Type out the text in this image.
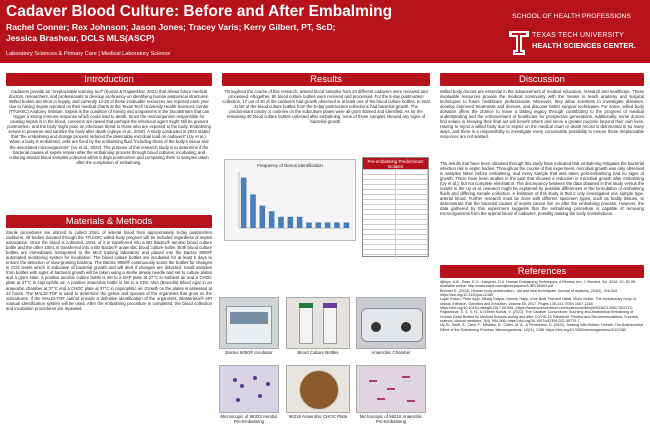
Cadaver Blood Culture: Before and After Embalming
Rachel Conner; Rex Johnson; Jason Jones; Tracey Varis; Kerry Gilbert, PT, ScD; Jessica Brashear, DCLS MLS(ASCP)
Laboratory Sciences & Primary Care | Medical Laboratory Science
SCHOOL OF HEALTH PROFESSIONS
TEXAS TECH UNIVERSITY
HEALTH SCIENCES CENTER.
Introduction
Cadavers provide an "irreplaceable learning tool" (Kumar & Rajasekhar, 2021) that allows future medical doctors, researchers, and professionals to develop proficiency on identifying human anatomical structures. Willed bodies are short in supply, and currently 12-20 of these invaluable resources are rejected each year due to having sepsis reported on their medical charts at the Texas Tech University Health Sciences Center (TTUHSC) Anatomy Institute. Sepsis is the condition of having microorganisms in the bloodstream that can trigger a strong immune response which could lead to death. Since the microorganism responsible for causing sepsis is in the blood, concerns are raised that perhaps the infectious agent might still be present postmortem, and the body might pose an infectious threat to those who are exposed to the body. Embalming serves to preserve and sanitize the body after death (Ajileye et al., 2018). A study conducted in 2022 stated that "the embalming and storage process reduced the detectable microbial load on cadavers" (Uy et al.). When a body is embalmed, cells are fixed by the embalming fluid "including those of the body's tissue and the associated microorganisms" (Uy et al., 2022). The purpose of this research study is to determine if the bacterial causes of sepsis remain after the embalming process through blood cultures, incubating, and culturing arterial blood samples collected within 5 days postmortem and comparing them to samples taken after the completion of embalming.
Materials & Methods
Sterile procedures are utilized to collect 20mL of arterial blood from approximately 5-day postmortem cadavers. All bodies donated through the TTUHSC willed-body program will be included regardless of sepsis association. Once the blood is collected, 10mL of it is transferred into a BD Bactec® aerobic blood culture bottle and the other 10mL is transferred into a BD Bactec® anaerobic blood culture bottle. Both blood culture bottles are immediately transported to the MLS training laboratory and placed into the Bactec 9050® automated monitoring system for incubation. The blood culture bottles are incubated for at least 5 days to ensure the detection of slow-growing bacteria. The Bactec 9050® continuously scans the bottles for changes in CO2 levels which is indicative of bacterial growth and will alert if changes are detected. Small samples from bottles with signs of bacterial growth will be taken using a sterile airway needle and set to culture plates and a gram stain. A positive aerobic culture bottle is set to a BAP plate at 37°C in ambient air and a CHOC plate at 37°C in capnophilic air. A positive anaerobic bottle is set to a CDC ANA (Brucella) Blood Agar in an anaerobic chamber at 37°C and a CHOC plate at 37°C in capnophilic air. Growth on the plates is assessed at 24 hours. The MALDI-TOF is used to determine the genus and species of the organisms that grow on the subcultures. If the MALDI-TOF cannot provide a definitive identification of the organisms, BioMérieux® API manual identification system will be used. After the embalming procedure is completed, the blood collection and incubation procedures are repeated.
Results
Throughout the course of this research, arterial blood samples from 20 different cadavers were received and processed. Altogether, 80 blood culture bottles were received and processed. For the 5-day postmortem collection, 17 out of 20 of the cadavers had growth observed in at least one of the blood culture bottles. In total 31/40 of the blood culture bottles from the 5-day postmortem collections had bacterial growth. The predominant colony or colonies on the subculture plates were all gram stained and identified. As for the remaining 40 blood culture bottles collected after embalming, none of those samples showed any signs of bacterial growth.
Frequency of Genus Identification
Pre-embalming Predominant Isolates
Bactec 9050® Incubator	Blood Culture Bottles	Anaerobic Chamber
Microscopic of 96323 Aerobic Pre-Embalming
96219 Anaerobic CHOC Plate	Microscopic of 96218 Anaerobic Pre-Embalming
Discussion
Willed body donors are essential in the advancement of medical education, research and healthcare. These invaluable resources provide the medical community with the means to teach anatomy and surgical techniques to future healthcare professionals. Moreover, they allow scientists to investigate diseases, develop improved treatments and devices, and discover better surgical techniques. For some, willed body donation offers the chance to leave a lasting legacy through contributing to the progress of medical understanding and the enhancement of healthcare for prospective generations. Additionally, some donors find solace in knowing their final act will benefit others and serve a greater purpose beyond their own lives. Having to reject a willed body due to sepsis on the medical chart or death record is detrimental in so many ways, and there is a responsibility to investigate every conceivable possibility to ensure these irreplaceable resources are not wasted.
The results that have been obtained through this study have indicated that embalming mitigates the bacterial infection risk in septic bodies. Throughout the course of this experiment, microbial growth was only observed in samples taken before embalming, and every sample that was taken post-embalming had no signs of growth. There have been studies in the past that showed a reduction in microbial growth after embalming (Uy et al.), but not complete elimination. The discrepancy between the data obtained in this study versus the results in the Uy et al. research might be explained by possible differences in the formulation of embalming fluids and differing sample collection. A limitation of this study is that it only investigated one sample type, arterial blood. Further research must be done with different specimen types, such as bodily tissues, to demonstrate that the bacterial causes of sepsis cannot live on after the embalming process. However, the data gathered by this experiment suggests that the embalming procedure is capable of removing microorganisms from the arterial blood of cadavers, possibly making the body noninfectious.
References
Ajileye, A.B., Esan, E.O., Adeyemi, O.A. Human Embalming Techniques: A Review. Am. J. Biomed. Sci. 2018, 10, 82-95. Available online: http://www.nwpii.com/ajbms/papers/AJBS-80003.pdf
Brenner E. (2014). Human body preservation - old and new techniques. Journal of anatomy, 224(3), 316-344. https://doi.org/10.1111/joa.12160
Lujan Rosso, Peter Appl, Mihaly Salyok, Dennis Trapp, Irme Budl, Richard Hardt, Viktor Müller. The evolutionary hoop of sepsis. Infection, Genetics and Evolution, Volume 55, 2017, Pages 135-141, ISSN 1567-1348, https://doi.org/10.1016/j.meegid.2017.09.006. (https://www.sciencedirect.com/science/article/pii/S1567134817303131)
Rajasekhar, S. S. S. N., & Dinesh Kumar, V. (2021). The Cadaver Conundrum: Sourcing and Anatomical Embalming of Human Dead Bodies by Medical Schools during and after COVID-19 Pandemic: Review and Recommendations. Forensic science, clinical medicine, 3(4), 904-906. https://doi.org/10.1007/s42399-021-00779-7
Uy, B., Swift, S., Cass, F., Mihalea, D., Curtis, M. A., & Pemberton, D. (2022). Dealing with Hidden Threats: The Antimicrobial Effect of the Embalming Process. Microorganisms, 10(11), 2180. https://doi.org/10.3390/microorganisms10112180
